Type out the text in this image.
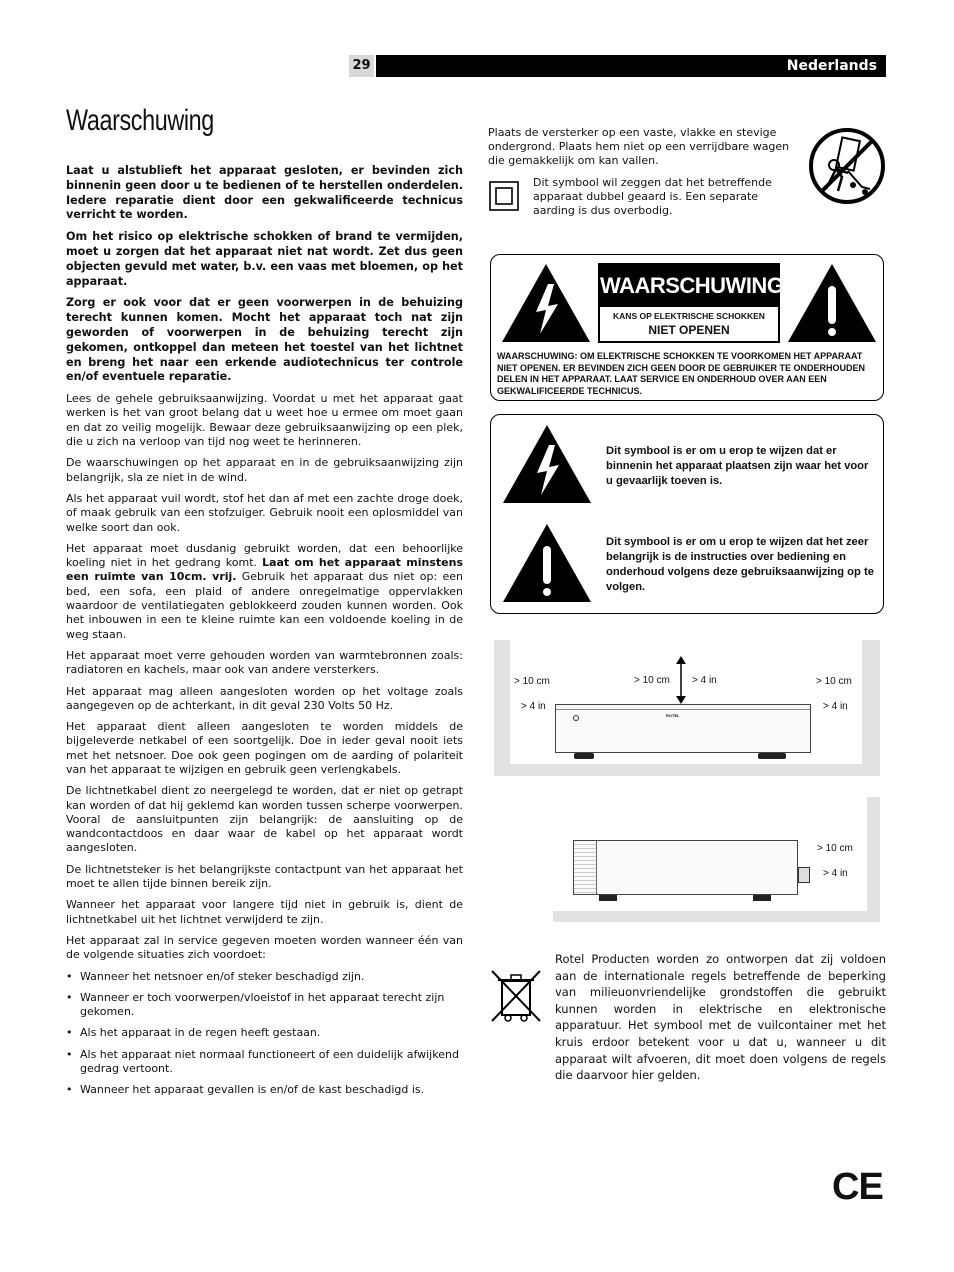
29	Nederlands
Waarschuwing

Laat u alstublieft het apparaat gesloten, er bevinden zich binnenin geen door u te bedienen of te herstellen onderdelen. Iedere reparatie dient door een gekwalificeerde technicus verricht te worden.

Om het risico op elektrische schokken of brand te vermijden, moet u zorgen dat het apparaat niet nat wordt. Zet dus geen objecten gevuld met water, b.v. een vaas met bloemen, op het apparaat.

Zorg er ook voor dat er geen voorwerpen in de behuizing terecht kunnen komen. Mocht het apparaat toch nat zijn geworden of voorwerpen in de behuizing terecht zijn gekomen, ontkoppel dan meteen het toestel van het lichtnet en breng het naar een erkende audiotechnicus ter controle en/of eventuele reparatie.

Lees de gehele gebruiksaanwijzing. Voordat u met het apparaat gaat werken is het van groot belang dat u weet hoe u ermee om moet gaan en dat zo veilig mogelijk. Bewaar deze gebruiksaanwijzing op een plek, die u zich na verloop van tijd nog weet te herinneren.

De waarschuwingen op het apparaat en in de gebruiksaanwijzing zijn belangrijk, sla ze niet in de wind.

Als het apparaat vuil wordt, stof het dan af met een zachte droge doek, of maak gebruik van een stofzuiger. Gebruik nooit een oplosmiddel van welke soort dan ook.

Het apparaat moet dusdanig gebruikt worden, dat een behoorlijke koeling niet in het gedrang komt. Laat om het apparaat minstens een ruimte van 10cm. vrij. Gebruik het apparaat dus niet op: een bed, een sofa, een plaid of andere onregelmatige oppervlakken waardoor de ventilatiegaten geblokkeerd zouden kunnen worden. Ook het inbouwen in een te kleine ruimte kan een voldoende koeling in de weg staan.

Het apparaat moet verre gehouden worden van warmtebronnen zoals: radiatoren en kachels, maar ook van andere versterkers.

Het apparaat mag alleen aangesloten worden op het voltage zoals aangegeven op de achterkant, in dit geval 230 Volts 50 Hz.

Het apparaat dient alleen aangesloten te worden middels de bijgeleverde netkabel of een soortgelijk. Doe in ieder geval nooit iets met het netsnoer. Doe ook geen pogingen om de aarding of polariteit van het apparaat te wijzigen en gebruik geen verlengkabels.

De lichtnetkabel dient zo neergelegd te worden, dat er niet op getrapt kan worden of dat hij geklemd kan worden tussen scherpe voorwerpen. Vooral de aansluitpunten zijn belangrijk: de aansluiting op de wandcontactdoos en daar waar de kabel op het apparaat wordt aangesloten.

De lichtnetsteker is het belangrijkste contactpunt van het apparaat het moet te allen tijde binnen bereik zijn.

Wanneer het apparaat voor langere tijd niet in gebruik is, dient de lichtnetkabel uit het lichtnet verwijderd te zijn.

Het apparaat zal in service gegeven moeten worden wanneer één van de volgende situaties zich voordoet:

• Wanneer het netsnoer en/of steker beschadigd zijn.
• Wanneer er toch voorwerpen/vloeistof in het apparaat terecht zijn gekomen.
• Als het apparaat in de regen heeft gestaan.
• Als het apparaat niet normaal functioneert of een duidelijk afwijkend gedrag vertoont.
• Wanneer het apparaat gevallen is en/of de kast beschadigd is.
Plaats de versterker op een vaste, vlakke en stevige ondergrond. Plaats hem niet op een verrijdbare wagen die gemakkelijk om kan vallen.
Dit symbool wil zeggen dat het betreffende apparaat dubbel geaard is. Een separate aarding is dus overbodig.
WAARSCHUWING
KANS OP ELEKTRISCHE SCHOKKEN
NIET OPENEN
WAARSCHUWING: OM ELEKTRISCHE SCHOKKEN TE VOORKOMEN HET APPARAAT NIET OPENEN. ER BEVINDEN ZICH GEEN DOOR DE GEBRUIKER TE ONDERHOUDEN DELEN IN HET APPARAAT. LAAT SERVICE EN ONDERHOUD OVER AAN EEN GEKWALIFICEERDE TECHNICUS.
Dit symbool is er om u erop te wijzen dat er binnenin het apparaat plaatsen zijn waar het voor u gevaarlijk toeven is.
Dit symbool is er om u erop te wijzen dat het zeer belangrijk is de instructies over bediening en onderhoud volgens deze gebruiksaanwijzing op te volgen.
ROTEL
> 10 cm
> 4 in
> 10 cm > 4 in	> 10 cm
> 4 in
> 10 cm
> 4 in
Rotel Producten worden zo ontworpen dat zij voldoen aan de internationale regels betreffende de beperking van milieuonvriendelijke grondstoffen die gebruikt kunnen worden in elektrische en elektronische apparatuur. Het symbool met de vuilcontainer met het kruis erdoor betekent voor u dat u, wanneer u dit apparaat wilt afvoeren, dit moet doen volgens de regels die daarvoor hier gelden.
CE
